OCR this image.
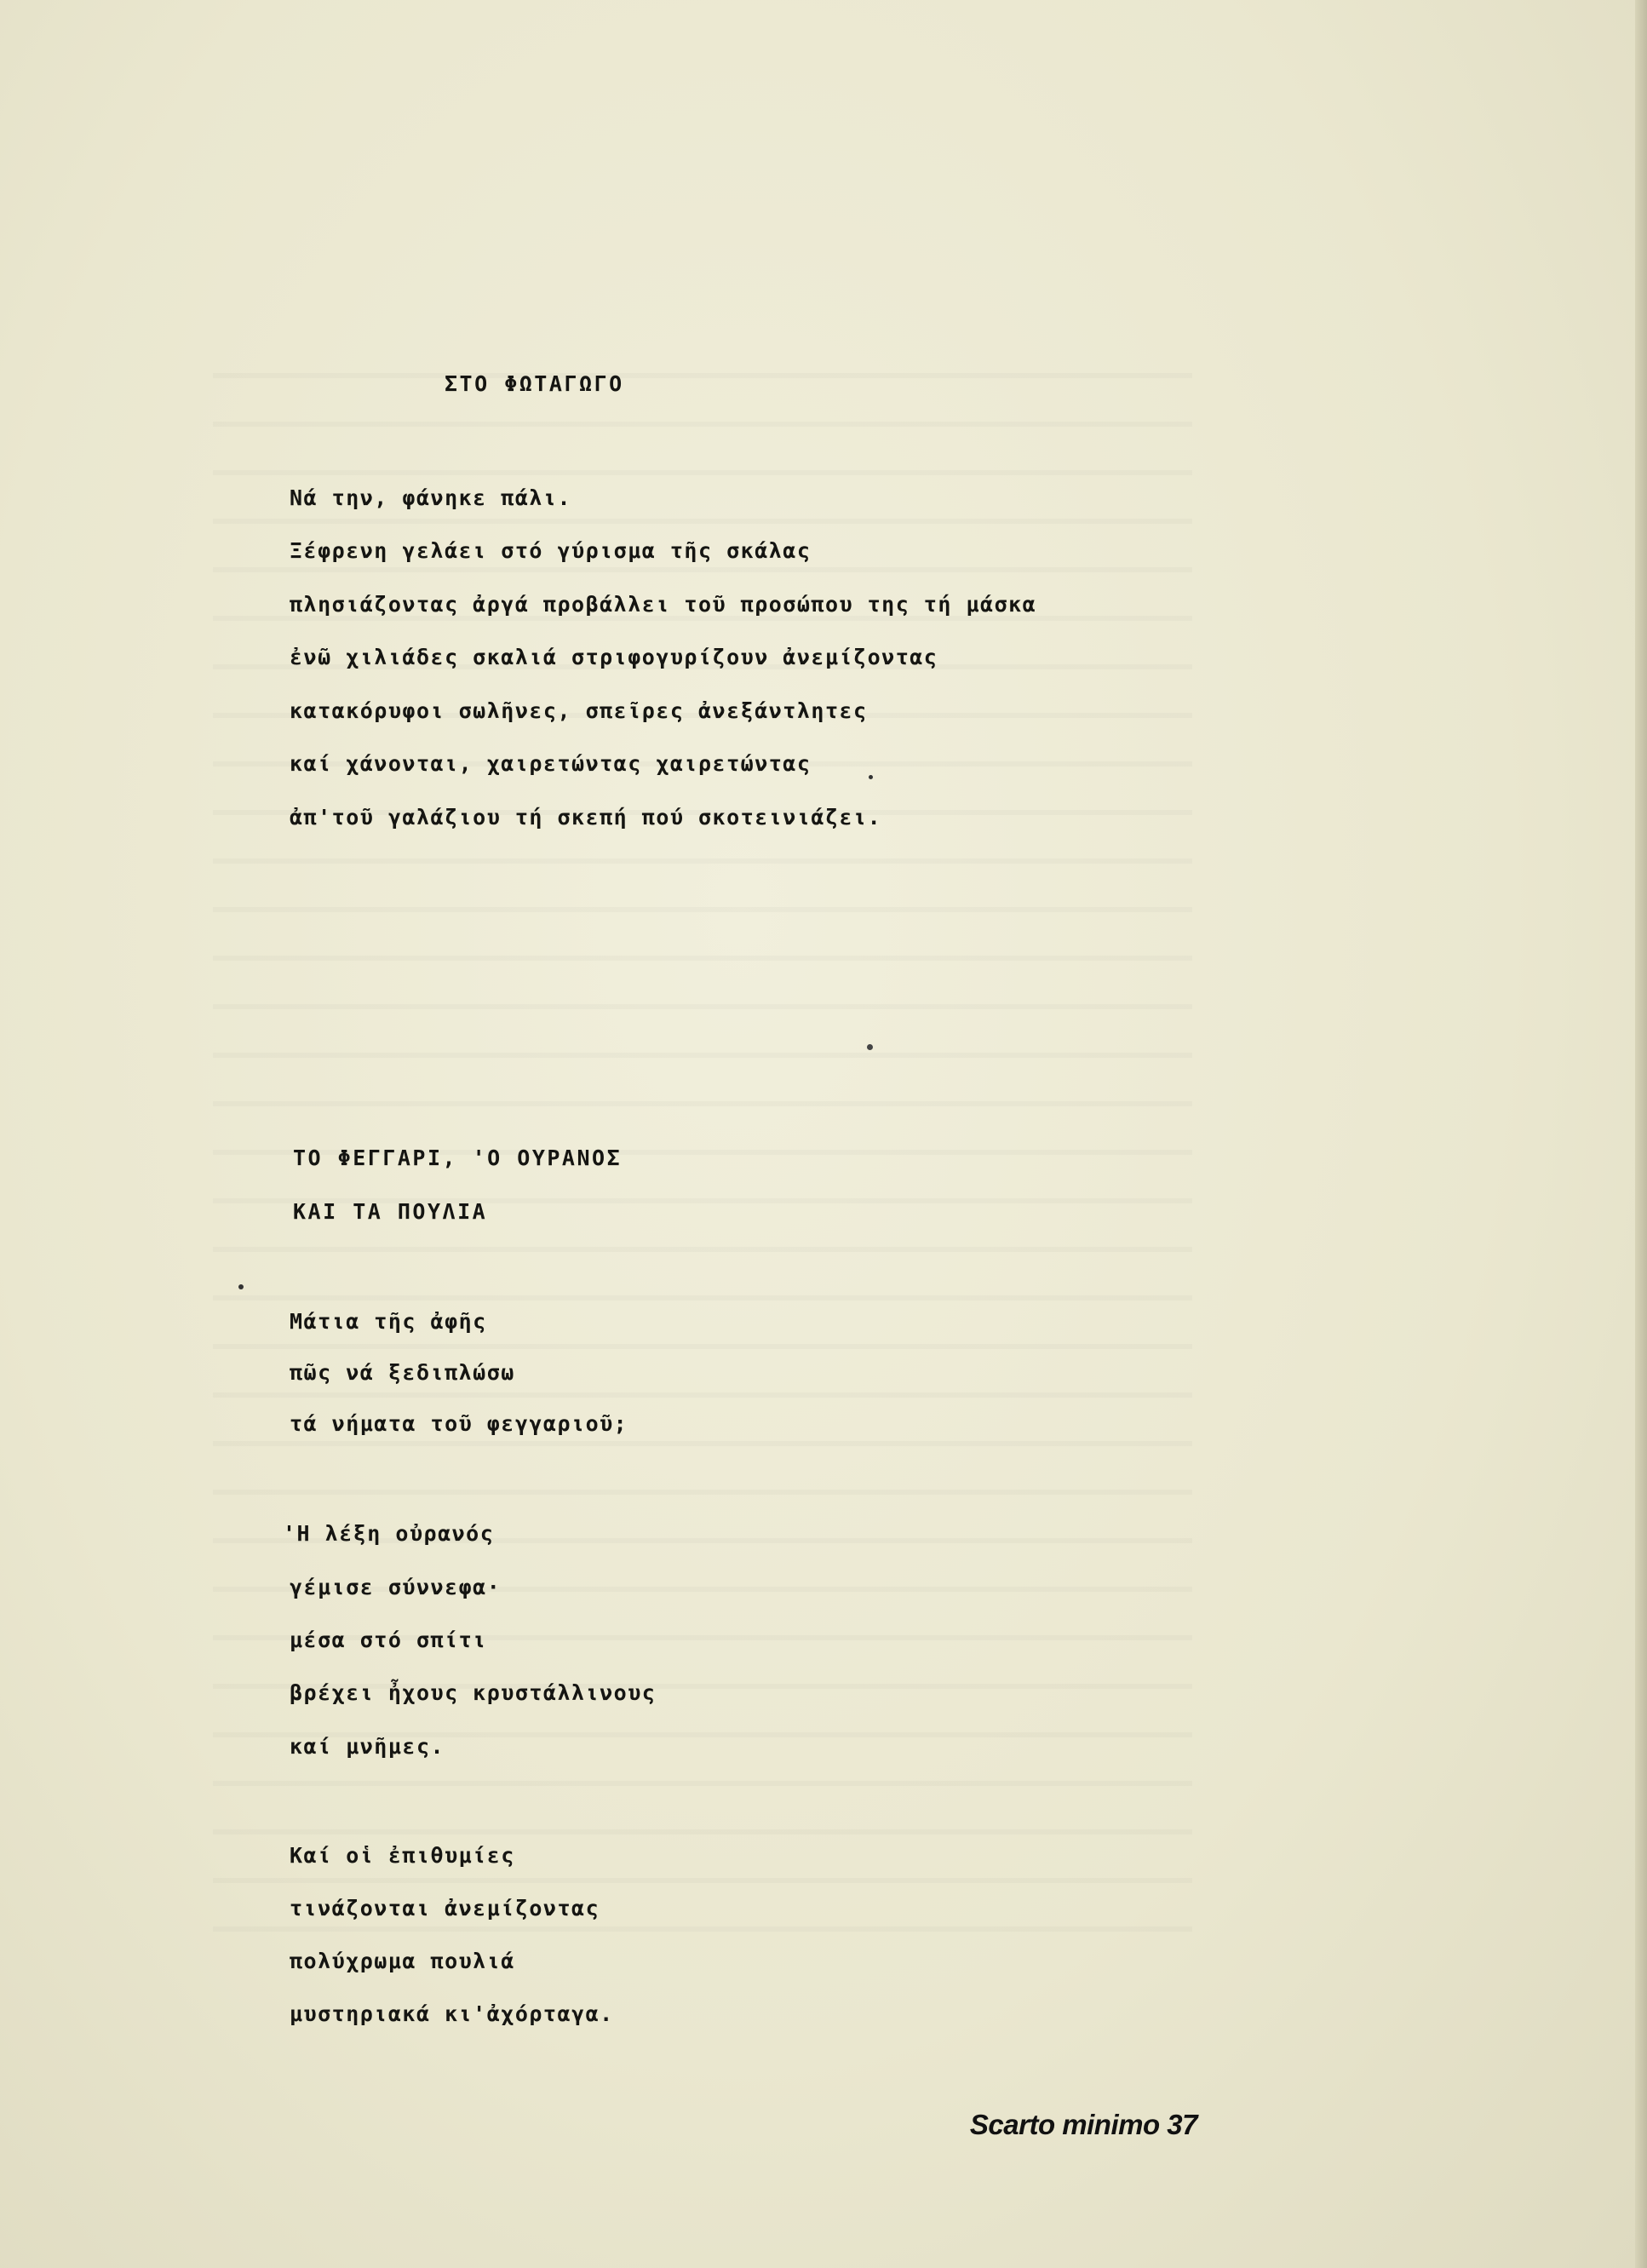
ΣΤΟ ΦΩΤΑΓΩΓΟ

Νά την, φάνηκε πάλι.

Ξέφρενη γελάει στό γύρισμα τῆς σκάλας

πλησιάζοντας ἀργά προβάλλει τοῦ προσώπου της τή μάσκα

ἐνῶ χιλιάδες σκαλιά στριφογυρίζουν ἀνεμίζοντας

κατακόρυφοι σωλῆνες, σπεῖρες ἀνεξάντλητες

καί χάνονται, χαιρετώντας χαιρετώντας

ἀπ'τοῦ γαλάζιου τή σκεπή πού σκοτεινιάζει.

ΤΟ ΦΕΓΓΑΡΙ, 'Ο ΟΥΡΑΝΟΣ

ΚΑΙ ΤΑ ΠΟΥΛΙΑ

Μάτια τῆς ἀφῆς

πῶς νά ξεδιπλώσω

τά νήματα τοῦ φεγγαριοῦ;

'Η λέξη οὐρανός

γέμισε σύννεφα·

μέσα στό σπίτι

βρέχει ἦχους κρυστάλλινους

καί μνῆμες.

Καί οἱ ἐπιθυμίες

τινάζονται ἀνεμίζοντας

πολύχρωμα πουλιά

μυστηριακά κι'ἀχόρταγα.

Scarto minimo 37
